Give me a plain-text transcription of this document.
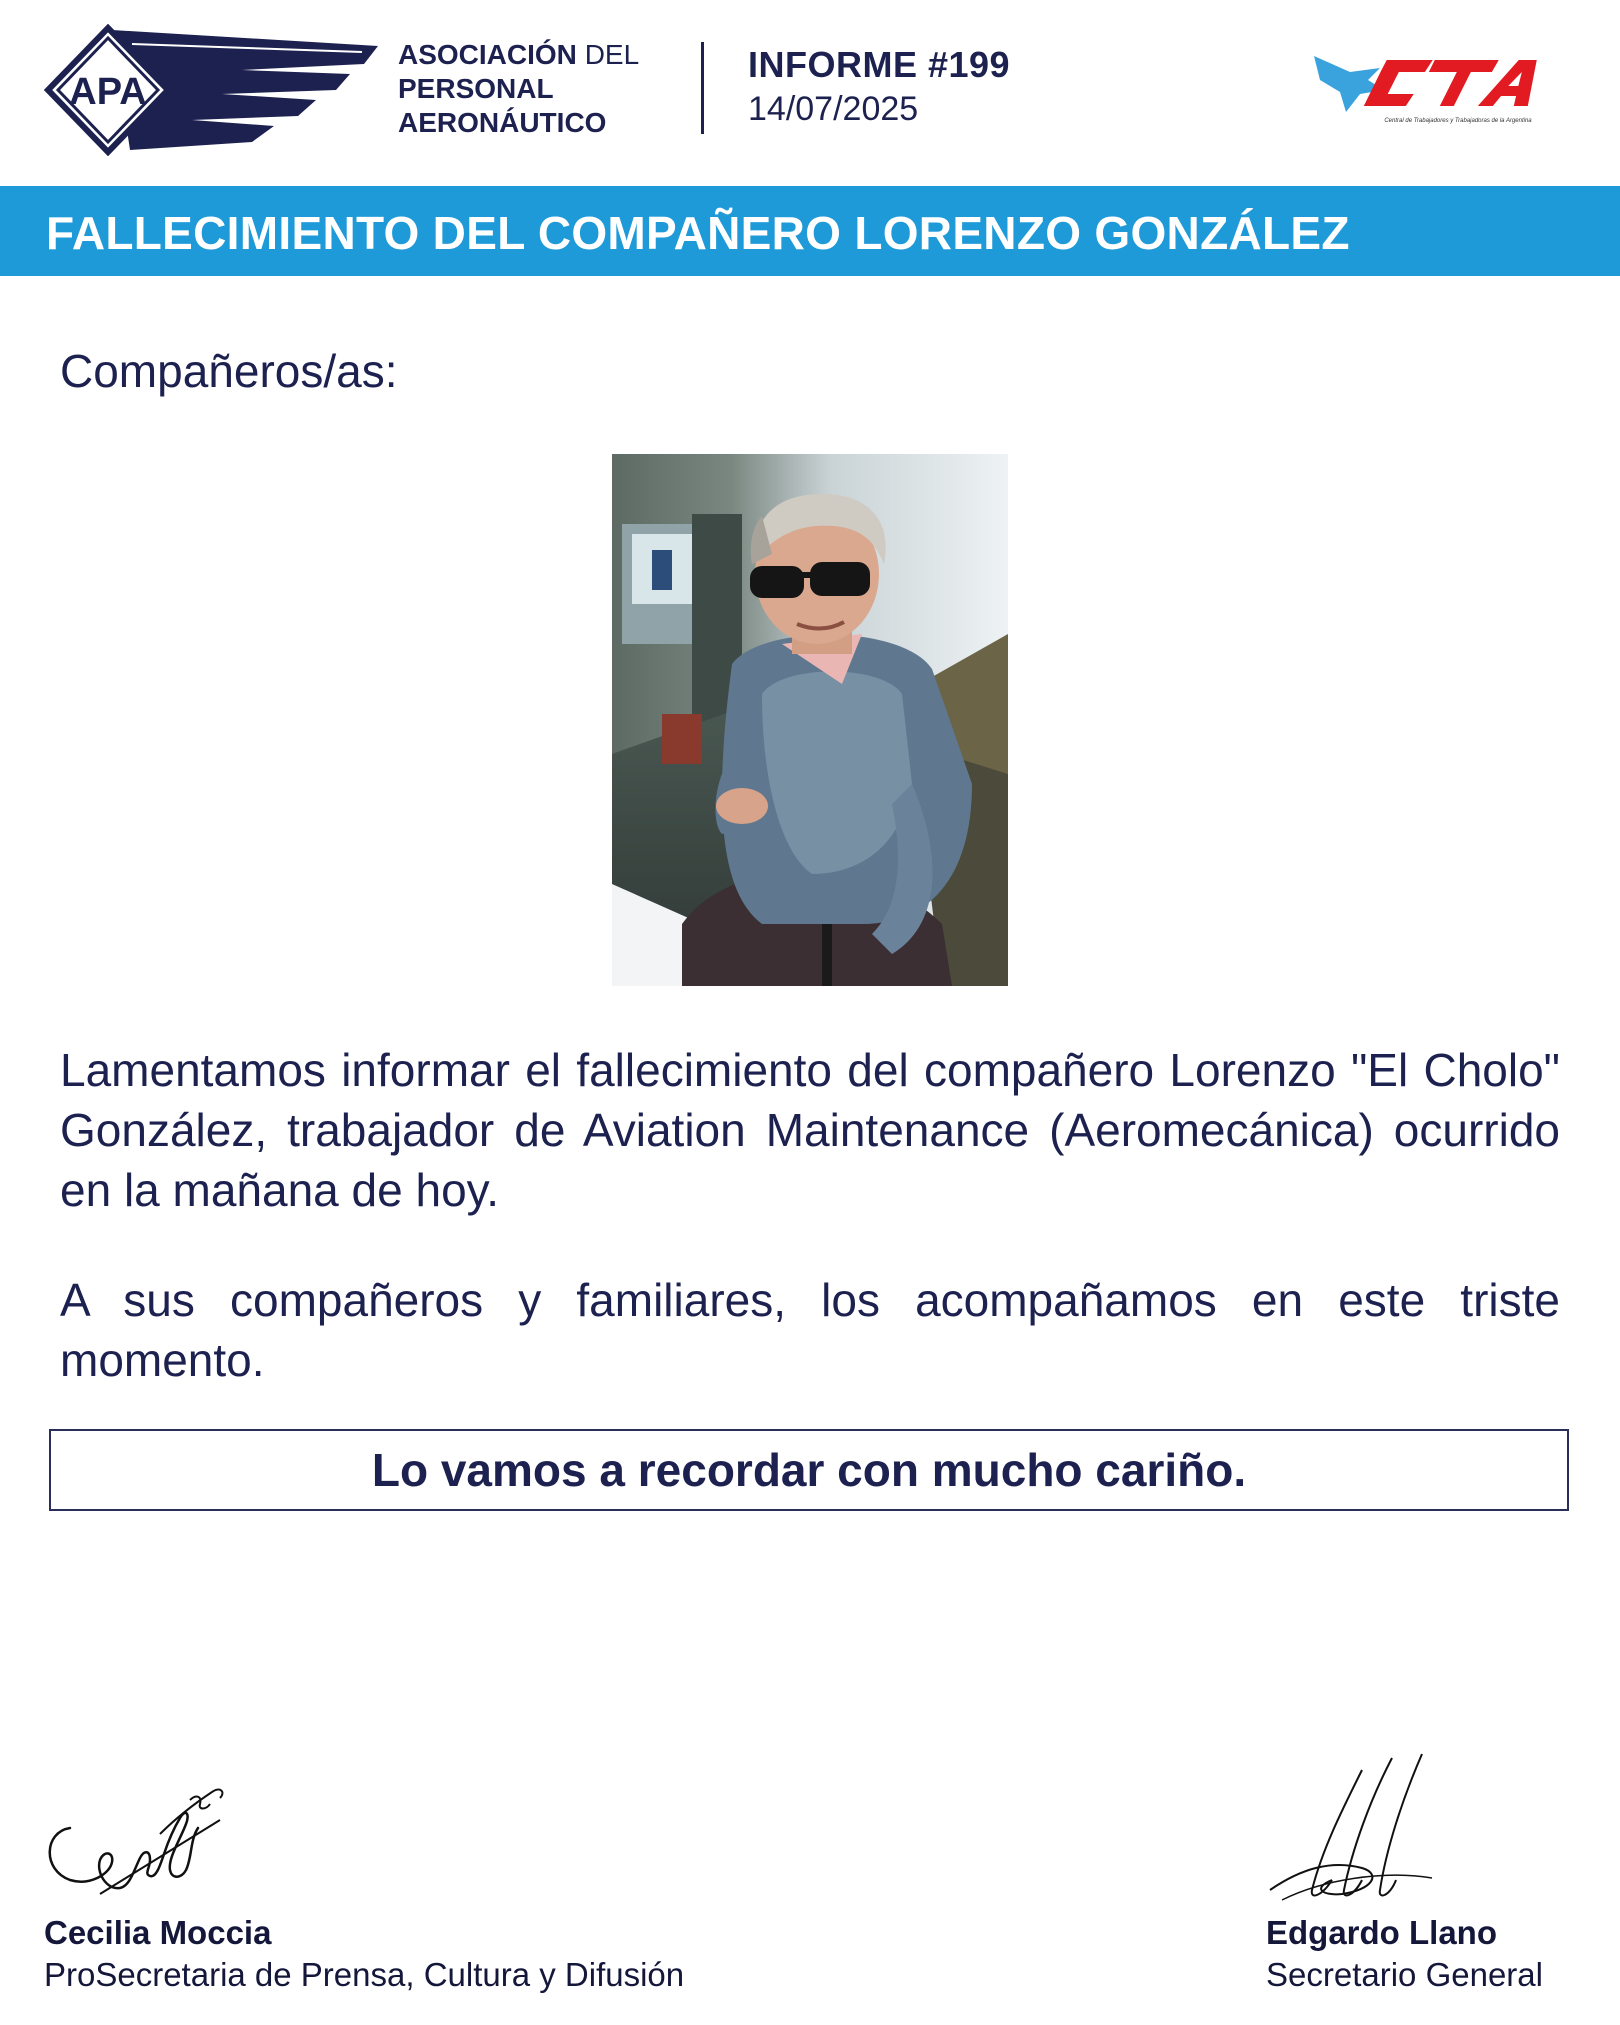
APA
ASOCIACIÓN DEL
PERSONAL
AERONÁUTICO
INFORME #199
14/07/2025	Central de Trabajadores y Trabajadoras de la Argentina
FALLECIMIENTO DEL COMPAÑERO LORENZO GONZÁLEZ
Compañeros/as:
Lamentamos informar el fallecimiento del compañero Lorenzo "El Cholo" González, trabajador de Aviation Maintenance (Aeromecánica) ocurrido en la mañana de hoy.
A sus compañeros y familiares, los acompañamos en este triste momento.
Lo vamos a recordar con mucho cariño.
Cecilia Moccia
ProSecretaria de Prensa, Cultura y Difusión
Edgardo Llano
Secretario General
